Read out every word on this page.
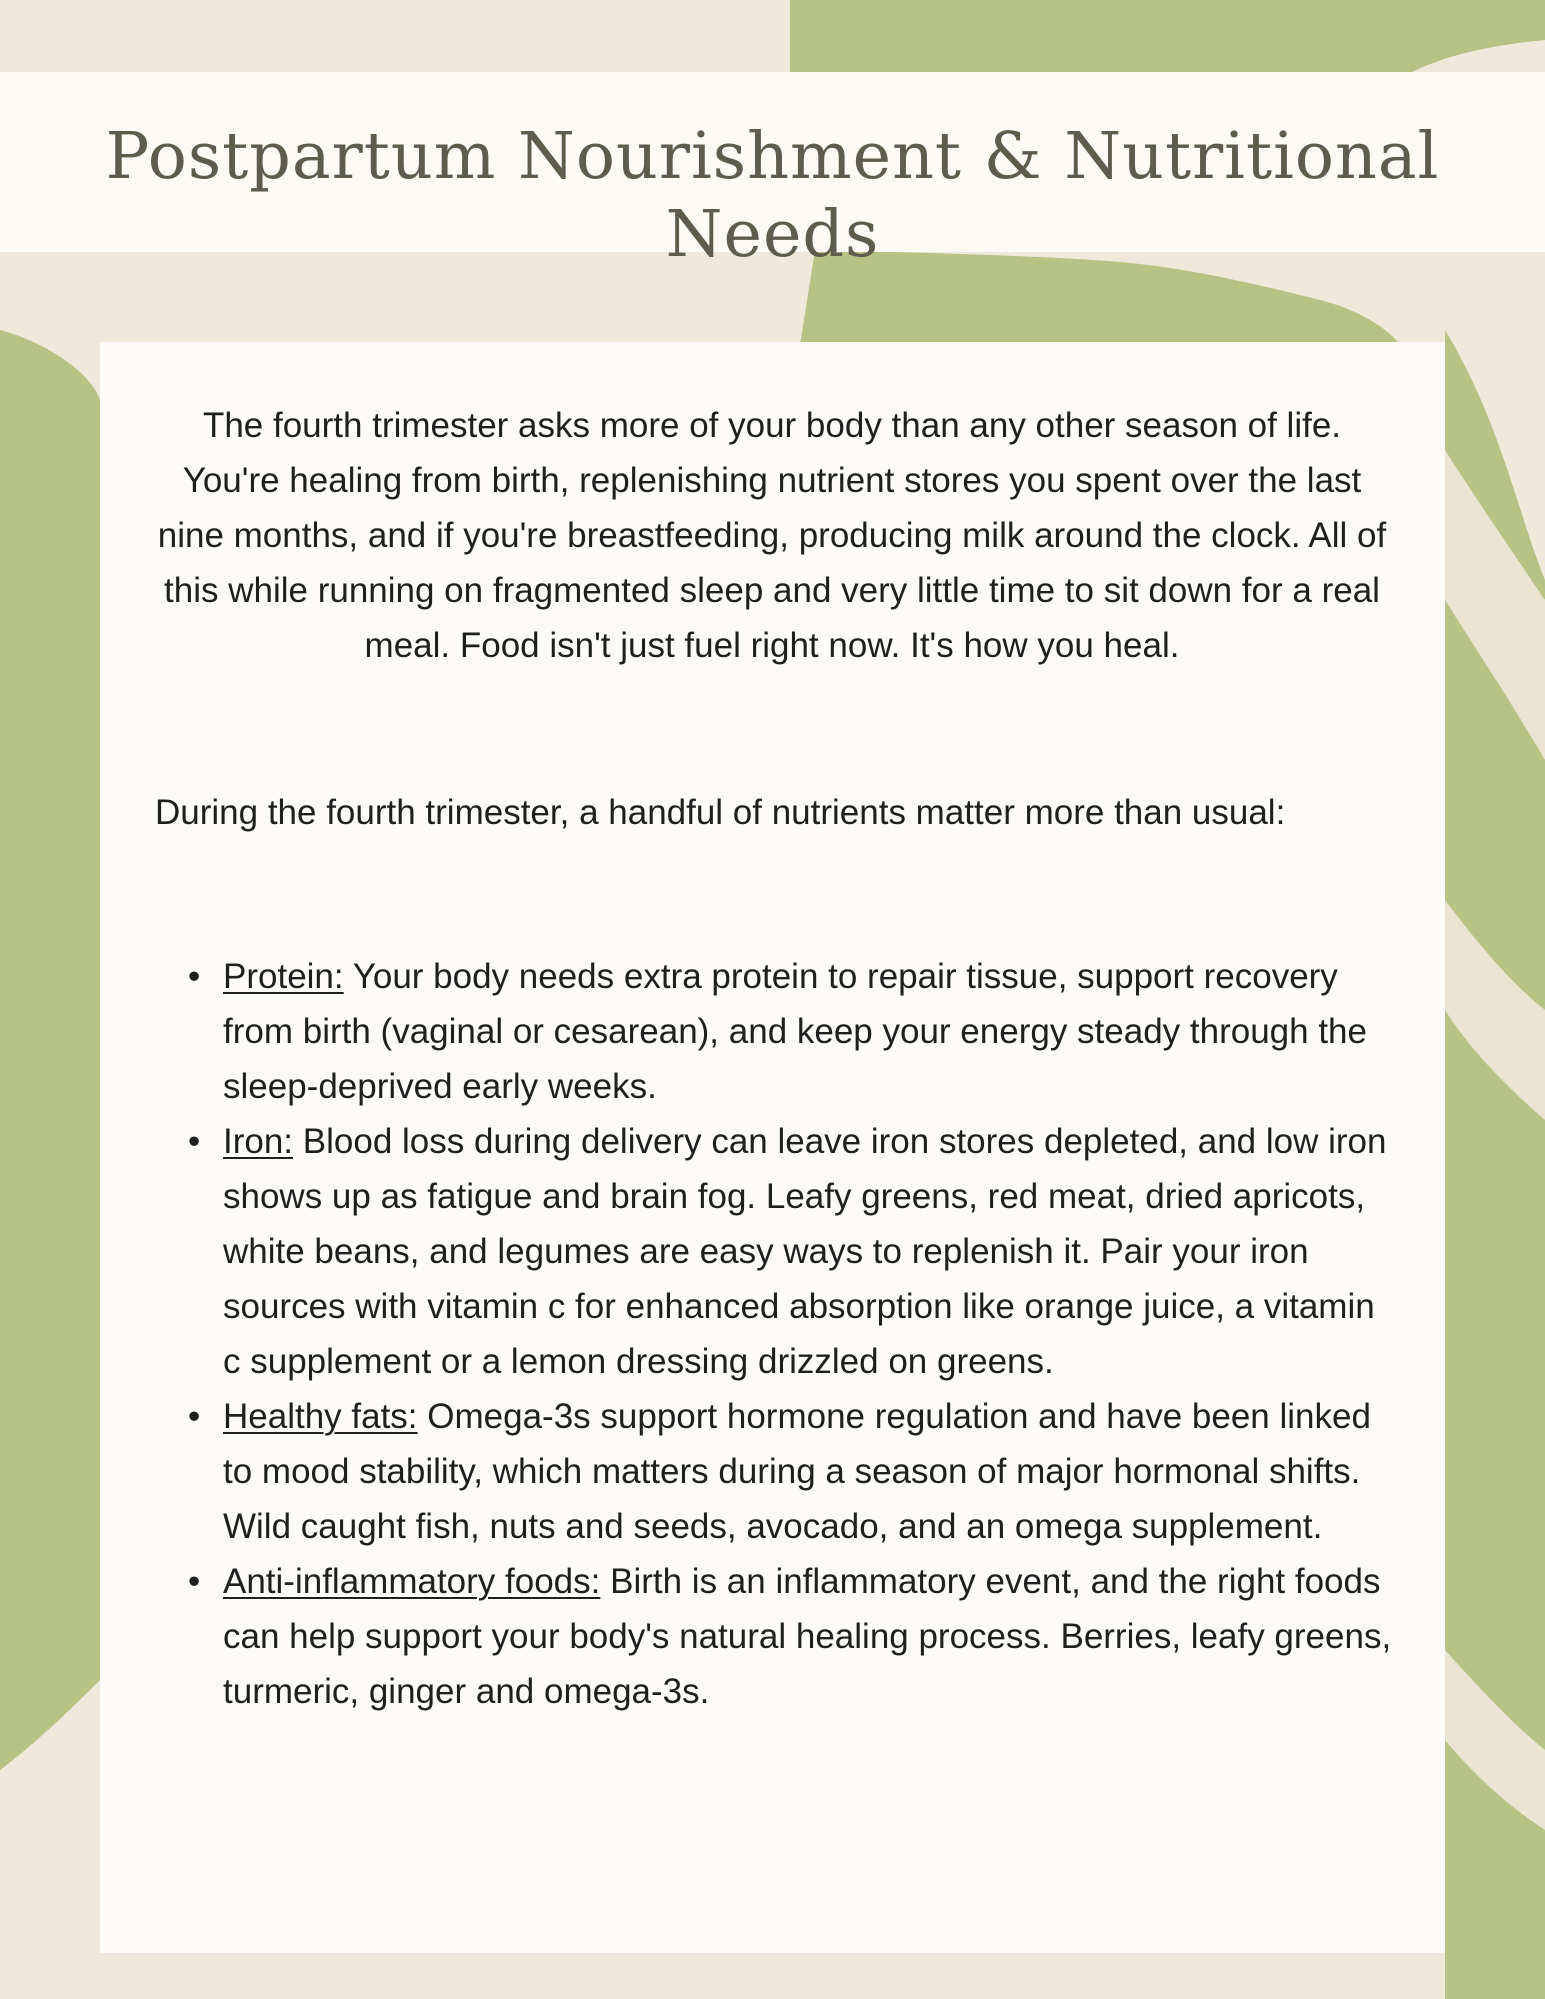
Postpartum Nourishment & Nutritional Needs

The fourth trimester asks more of your body than any other season of life. You're healing from birth, replenishing nutrient stores you spent over the last nine months, and if you're breastfeeding, producing milk around the clock. All of this while running on fragmented sleep and very little time to sit down for a real meal. Food isn't just fuel right now. It's how you heal.

During the fourth trimester, a handful of nutrients matter more than usual:

• Protein: Your body needs extra protein to repair tissue, support recovery from birth (vaginal or cesarean), and keep your energy steady through the sleep-deprived early weeks.
• Iron: Blood loss during delivery can leave iron stores depleted, and low iron shows up as fatigue and brain fog. Leafy greens, red meat, dried apricots, white beans, and legumes are easy ways to replenish it. Pair your iron sources with vitamin c for enhanced absorption like orange juice, a vitamin c supplement or a lemon dressing drizzled on greens.
• Healthy fats: Omega-3s support hormone regulation and have been linked to mood stability, which matters during a season of major hormonal shifts. Wild caught fish, nuts and seeds, avocado, and an omega supplement.
• Anti-inflammatory foods: Birth is an inflammatory event, and the right foods can help support your body's natural healing process. Berries, leafy greens, turmeric, ginger and omega-3s.
